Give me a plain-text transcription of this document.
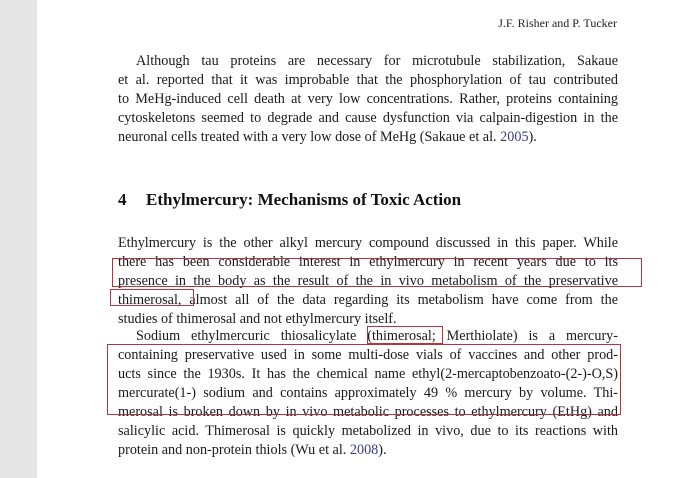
J.F. Risher and P. Tucker
Although tau proteins are necessary for microtubule stabilization, Sakaue
et al. reported that it was improbable that the phosphorylation of tau contributed
to MeHg-induced cell death at very low concentrations. Rather, proteins containing
cytoskeletons seemed to degrade and cause dysfunction via calpain-digestion in the
neuronal cells treated with a very low dose of MeHg (Sakaue et al. 2005).
4 Ethylmercury: Mechanisms of Toxic Action
Ethylmercury is the other alkyl mercury compound discussed in this paper. While
there has been considerable interest in ethylmercury in recent years due to its
presence in the body as the result of the in vivo metabolism of the preservative
thimerosal, almost all of the data regarding its metabolism have come from the
studies of thimerosal and not ethylmercury itself.
Sodium ethylmercuric thiosalicylate (thimerosal; Merthiolate) is a mercury-
containing preservative used in some multi-dose vials of vaccines and other prod-
ucts since the 1930s. It has the chemical name ethyl(2-mercaptobenzoato-(2-)-O,S)
mercurate(1-) sodium and contains approximately 49 % mercury by volume. Thi-
merosal is broken down by in vivo metabolic processes to ethylmercury (EtHg) and
salicylic acid. Thimerosal is quickly metabolized in vivo, due to its reactions with
protein and non-protein thiols (Wu et al. 2008).
